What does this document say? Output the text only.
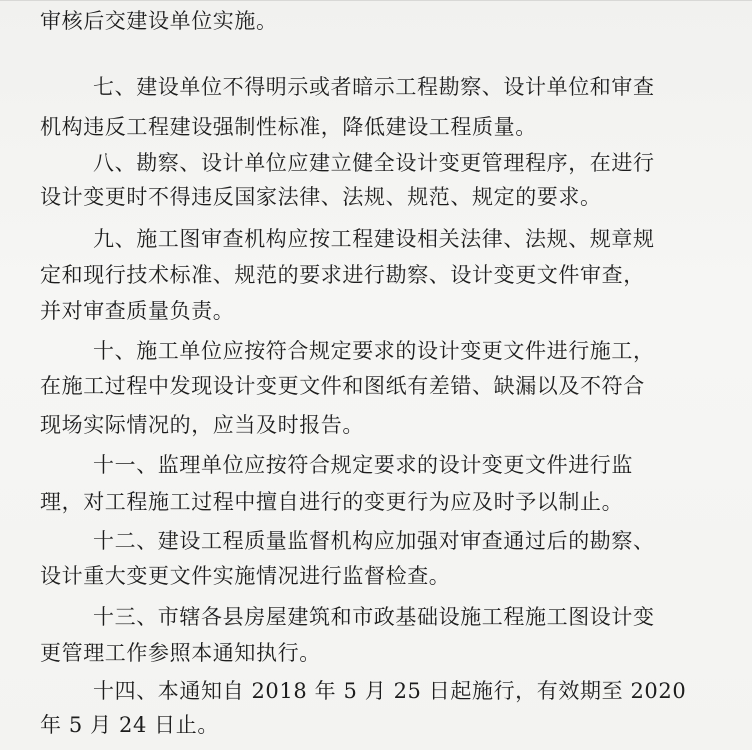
审核后交建设单位实施。
七、建设单位不得明示或者暗示工程勘察、设计单位和审查
机构违反工程建设强制性标准，降低建设工程质量。
八、勘察、设计单位应建立健全设计变更管理程序，在进行
设计变更时不得违反国家法律、法规、规范、规定的要求。
九、施工图审查机构应按工程建设相关法律、法规、规章规
定和现行技术标准、规范的要求进行勘察、设计变更文件审查，
并对审查质量负责。
十、施工单位应按符合规定要求的设计变更文件进行施工，
在施工过程中发现设计变更文件和图纸有差错、缺漏以及不符合
现场实际情况的，应当及时报告。
十一、监理单位应按符合规定要求的设计变更文件进行监
理，对工程施工过程中擅自进行的变更行为应及时予以制止。
十二、建设工程质量监督机构应加强对审查通过后的勘察、
设计重大变更文件实施情况进行监督检查。
十三、市辖各县房屋建筑和市政基础设施工程施工图设计变
更管理工作参照本通知执行。
十四、本通知自 2018 年 5 月 25 日起施行，有效期至 2020
年 5 月 24 日止。
